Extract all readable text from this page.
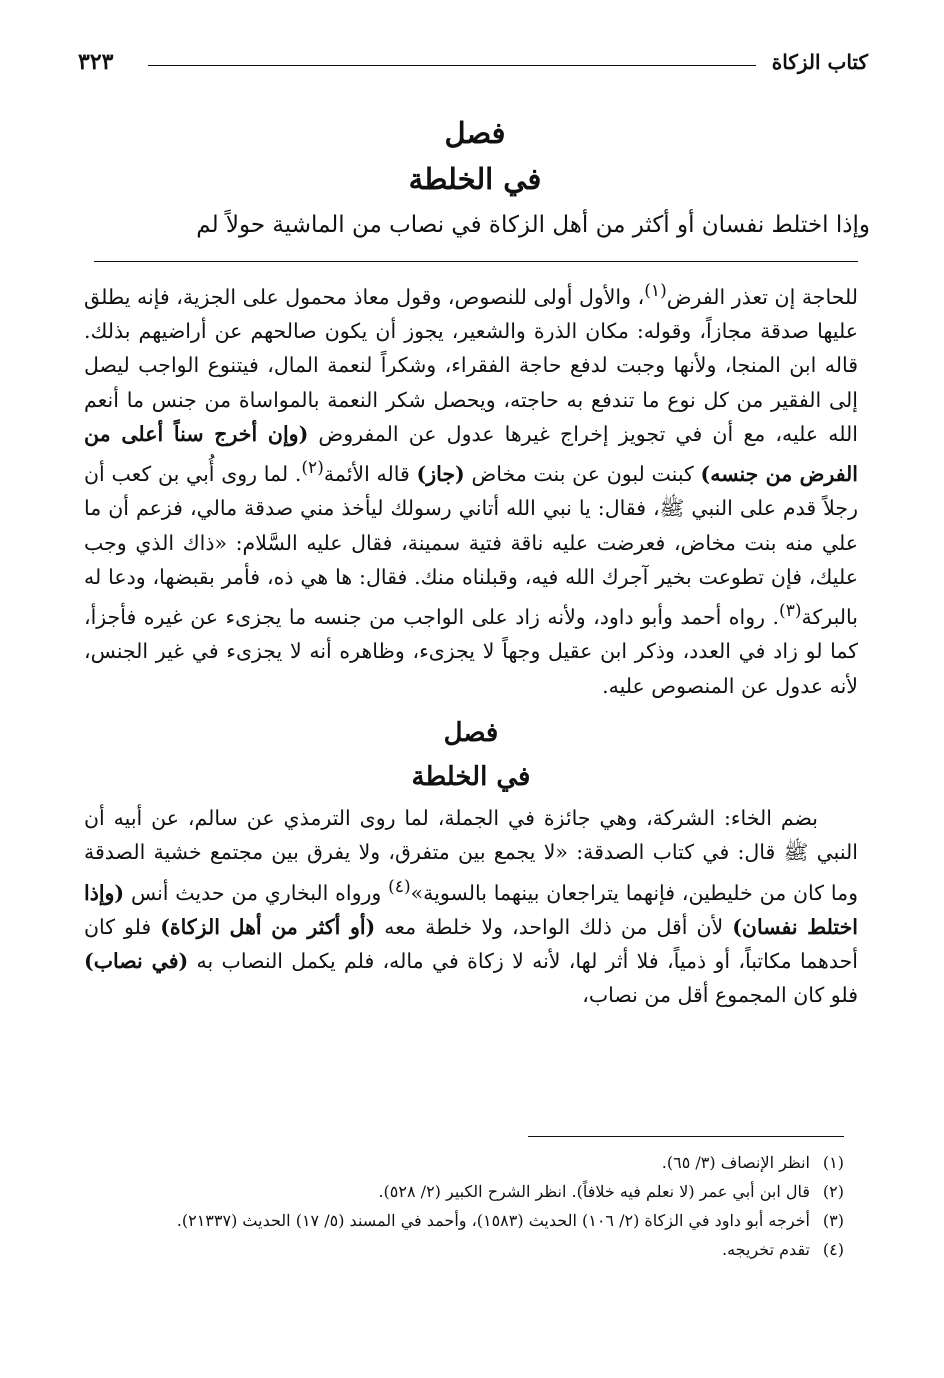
كتاب الزكاة
٣٢٣

فصل

في الخلطة

وإذا اختلط نفسان أو أكثر من أهل الزكاة في نصاب من الماشية حولاً لم

للحاجة إن تعذر الفرض$^{(١)}$، والأول أولى للنصوص، وقول معاذ محمول على الجزية، فإنه يطلق عليها صدقة مجازاً، وقوله: مكان الذرة والشعير، يجوز أن يكون صالحهم عن أراضيهم بذلك. قاله ابن المنجا، ولأنها وجبت لدفع حاجة الفقراء، وشكراً لنعمة المال، فيتنوع الواجب ليصل إلى الفقير من كل نوع ما تندفع به حاجته، ويحصل شكر النعمة بالمواساة من جنس ما أنعم الله عليه، مع أن في تجويز إخراج غيرها عدول عن المفروض (وإن أخرج سناً أعلى من الفرض من جنسه) كبنت لبون عن بنت مخاض (جاز) قاله الأئمة$^{(٢)}$. لما روى أُبي بن كعب أن رجلاً قدم على النبي ﷺ، فقال: يا نبي الله أتاني رسولك ليأخذ مني صدقة مالي، فزعم أن ما علي منه بنت مخاض، فعرضت عليه ناقة فتية سمينة، فقال عليه السَّلام: «ذاك الذي وجب عليك، فإن تطوعت بخير آجرك الله فيه، وقبلناه منك. فقال: ها هي ذه، فأمر بقبضها، ودعا له بالبركة$^{(٣)}$. رواه أحمد وأبو داود، ولأنه زاد على الواجب من جنسه ما يجزىء عن غيره فأجزأ، كما لو زاد في العدد، وذكر ابن عقيل وجهاً لا يجزىء، وظاهره أنه لا يجزىء في غير الجنس، لأنه عدول عن المنصوص عليه.

فصل

في الخلطة

بضم الخاء: الشركة، وهي جائزة في الجملة، لما روى الترمذي عن سالم، عن أبيه أن النبي ﷺ قال: في كتاب الصدقة: «لا يجمع بين متفرق، ولا يفرق بين مجتمع خشية الصدقة وما كان من خليطين، فإنهما يتراجعان بينهما بالسوية»$^{(٤)}$ ورواه البخاري من حديث أنس (وإذا اختلط نفسان) لأن أقل من ذلك الواحد، ولا خلطة معه (أو أكثر من أهل الزكاة) فلو كان أحدهما مكاتباً، أو ذمياً، فلا أثر لها، لأنه لا زكاة في ماله، فلم يكمل النصاب به (في نصاب) فلو كان المجموع أقل من نصاب،

(١)
انظر الإنصاف (٣/ ٦٥).
(٢)
قال ابن أبي عمر (لا نعلم فيه خلافاً). انظر الشرح الكبير (٢/ ٥٢٨).
(٣)
أخرجه أبو داود في الزكاة (٢/ ١٠٦) الحديث (١٥٨٣)، وأحمد في المسند (٥/ ١٧) الحديث (٢١٣٣٧).
(٤)
تقدم تخريجه.
